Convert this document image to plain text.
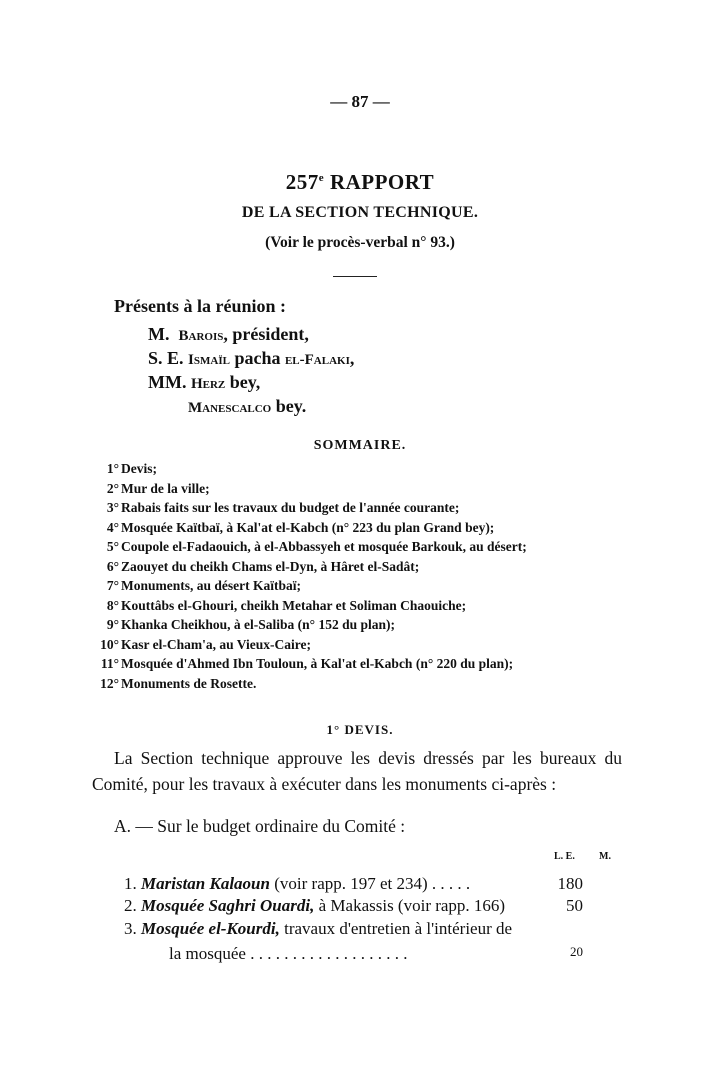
— 87 —
257e RAPPORT
DE LA SECTION TECHNIQUE.
(Voir le procès-verbal n° 93.)
Présents à la réunion :
M. Barois, président,
S. E. Ismaïl pacha el-Falaki,
MM. Herz bey,
Manescalco bey.
SOMMAIRE.
1° Devis;
2° Mur de la ville;
3° Rabais faits sur les travaux du budget de l'année courante;
4° Mosquée Kaïtbaï, à Kal'at el-Kabch (n° 223 du plan Grand bey);
5° Coupole el-Fadaouich, à el-Abbassyeh et mosquée Barkouk, au désert;
6° Zaouyet du cheikh Chams el-Dyn, à Hâret el-Sadât;
7° Monuments, au désert Kaïtbaï;
8° Kouttâbs el-Ghouri, cheikh Metahar et Soliman Chaouiche;
9° Khanka Cheikhou, à el-Saliba (n° 152 du plan);
10° Kasr el-Cham'a, au Vieux-Caire;
11° Mosquée d'Ahmed Ibn Touloun, à Kal'at el-Kabch (n° 220 du plan);
12° Monuments de Rosette.
1° DEVIS.
La Section technique approuve les devis dressés par les bureaux du
Comité, pour les travaux à exécuter dans les monuments ci-après :
A. — Sur le budget ordinaire du Comité :
L. E. M.
1. Maristan Kalaoun (voir rapp. 197 et 234) . . . . .	180
2. Mosquée Saghri Ouardi, à Makassis (voir rapp. 166)	50
3. Mosquée el-Kourdi, travaux d'entretien à l'intérieur de
la mosquée . . . . . . . . . . . . . . . . . . .	20
